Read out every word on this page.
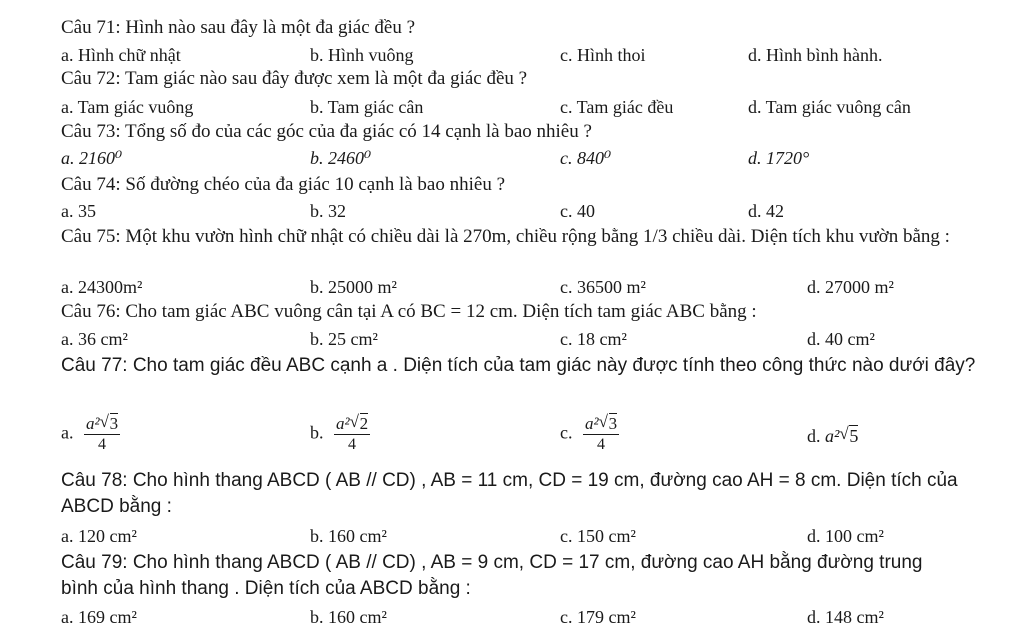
Câu 71: Hình nào sau đây là một đa giác đều ?
a. Hình chữ nhật	b. Hình vuông	c. Hình thoi	d. Hình bình hành.
Câu 72: Tam giác nào sau đây được xem là một đa giác đều ?
a. Tam giác vuông	b. Tam giác cân	c. Tam giác đều	d. Tam giác vuông cân
Câu 73: Tổng số đo của các góc của đa giác có 14 cạnh là bao nhiêu ?
a. 2160⁰	b. 2460⁰	c. 840⁰	d. 1720°
Câu 74: Số đường chéo của đa giác 10 cạnh là bao nhiêu ?
a. 35	b. 32	c. 40	d. 42
Câu 75: Một khu vườn hình chữ nhật có chiều dài là 270m, chiều rộng bằng 1/3 chiều dài. Diện tích khu vườn bằng :
a. 24300m²	b. 25000 m²	c. 36500 m²	d. 27000 m²
Câu 76: Cho tam giác ABC vuông cân tại A có BC = 12 cm. Diện tích tam giác ABC bằng :
a. 36 cm²	b. 25 cm²	c. 18 cm²	d. 40 cm²
Câu 77: Cho tam giác đều ABC cạnh a . Diện tích của tam giác này được tính theo công thức nào dưới đây?
a. $\frac{\text{a² √ 3}}{4}$	b. $\frac{\text{a² √ 2}}{4}$	c. $\frac{\text{a² √ 3}}{4}$	d. a² √ 5
Câu 78: Cho hình thang ABCD ( AB // CD) , AB = 11 cm, CD = 19 cm, đường cao AH = 8 cm. Diện tích của ABCD bằng :
a. 120 cm²	b. 160 cm²	c. 150 cm²	d. 100 cm²
Câu 79: Cho hình thang ABCD ( AB // CD) , AB = 9 cm, CD = 17 cm, đường cao AH bằng đường trung bình của hình thang . Diện tích của ABCD bằng :
a. 169 cm²	b. 160 cm²	c. 179 cm²	d. 148 cm²
